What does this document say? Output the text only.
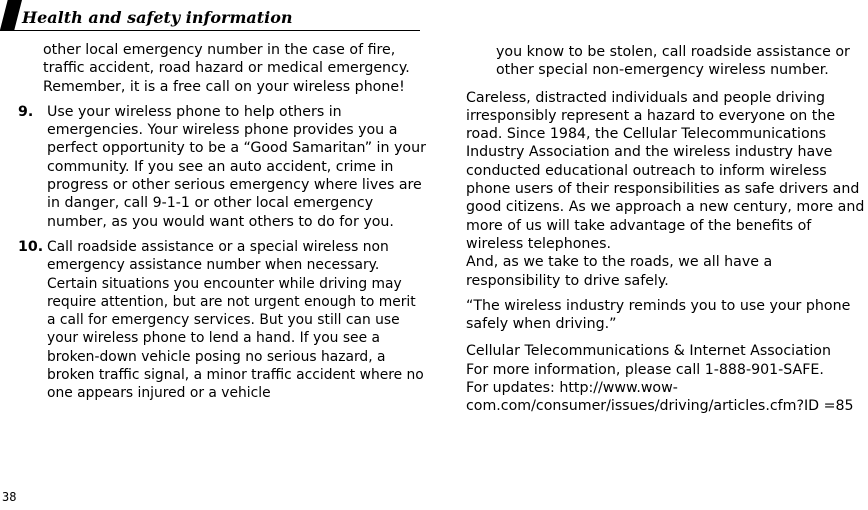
Health and safety information

other local emergency number in the case of fire, traffic accident, road hazard or medical emergency. Remember, it is a free call on your wireless phone!

9. Use your wireless phone to help others in emergencies. Your wireless phone provides you a perfect opportunity to be a “Good Samaritan” in your community. If you see an auto accident, crime in progress or other serious emergency where lives are in danger, call 9-1-1 or other local emergency number, as you would want others to do for you.

10. Call roadside assistance or a special wireless non emergency assistance number when necessary. Certain situations you encounter while driving may require attention, but are not urgent enough to merit a call for emergency services. But you still can use your wireless phone to lend a hand. If you see a broken-down vehicle posing no serious hazard, a broken traffic signal, a minor traffic accident where no one appears injured or a vehicle

you know to be stolen, call roadside assistance or other special non-emergency wireless number.

Careless, distracted individuals and people driving irresponsibly represent a hazard to everyone on the road. Since 1984, the Cellular Telecommunications Industry Association and the wireless industry have conducted educational outreach to inform wireless phone users of their responsibilities as safe drivers and good citizens. As we approach a new century, more and more of us will take advantage of the benefits of wireless telephones.

And, as we take to the roads, we all have a responsibility to drive safely.

“The wireless industry reminds you to use your phone safely when driving.”

Cellular Telecommunications & Internet Association

For more information, please call 1-888-901-SAFE.

For updates: http://www.wow-com.com/consumer/issues/driving/articles.cfm?ID =85

38
